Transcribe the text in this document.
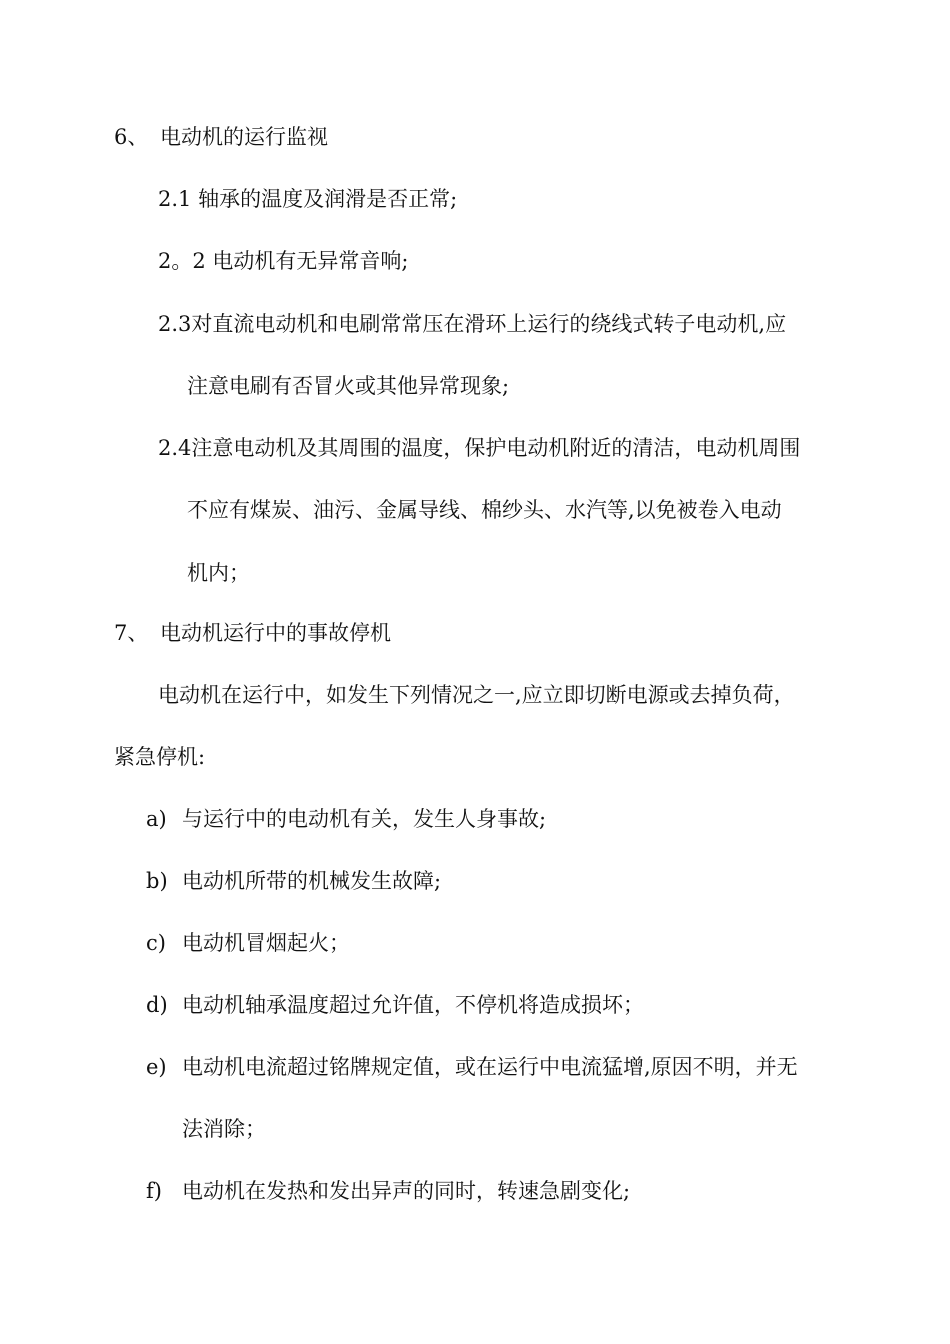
6、 电动机的运行监视
2.1 轴承的温度及润滑是否正常;
2。2 电动机有无异常音响;
2.3对直流电动机和电刷常常压在滑环上运行的绕线式转子电动机,应
注意电刷有否冒火或其他异常现象;
2.4注意电动机及其周围的温度，保护电动机附近的清洁，电动机周围
不应有煤炭、油污、金属导线、棉纱头、水汽等,以免被卷入电动
机内；
7、 电动机运行中的事故停机
电动机在运行中，如发生下列情况之一,应立即切断电源或去掉负荷，
紧急停机:
a) 与运行中的电动机有关，发生人身事故;
b) 电动机所带的机械发生故障;
c) 电动机冒烟起火；
d) 电动机轴承温度超过允许值，不停机将造成损坏；
e) 电动机电流超过铭牌规定值，或在运行中电流猛增,原因不明，并无
法消除；
f) 电动机在发热和发出异声的同时，转速急剧变化;
